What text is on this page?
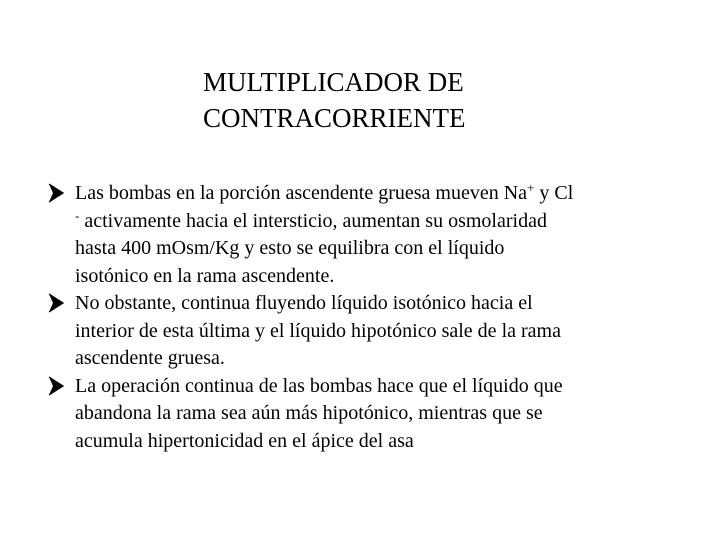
MULTIPLICADOR DE
CONTRACORRIENTE
Las bombas en la porción ascendente gruesa mueven Na+ y Cl
- activamente hacia el intersticio, aumentan su osmolaridad
hasta 400 mOsm/Kg y esto se equilibra con el líquido
isotónico en la rama ascendente.
No obstante, continua fluyendo líquido isotónico hacia el
interior de esta última y el líquido hipotónico sale de la rama
ascendente gruesa.
La operación continua de las bombas hace que el líquido que
abandona la rama sea aún más hipotónico, mientras que se
acumula hipertonicidad en el ápice del asa
